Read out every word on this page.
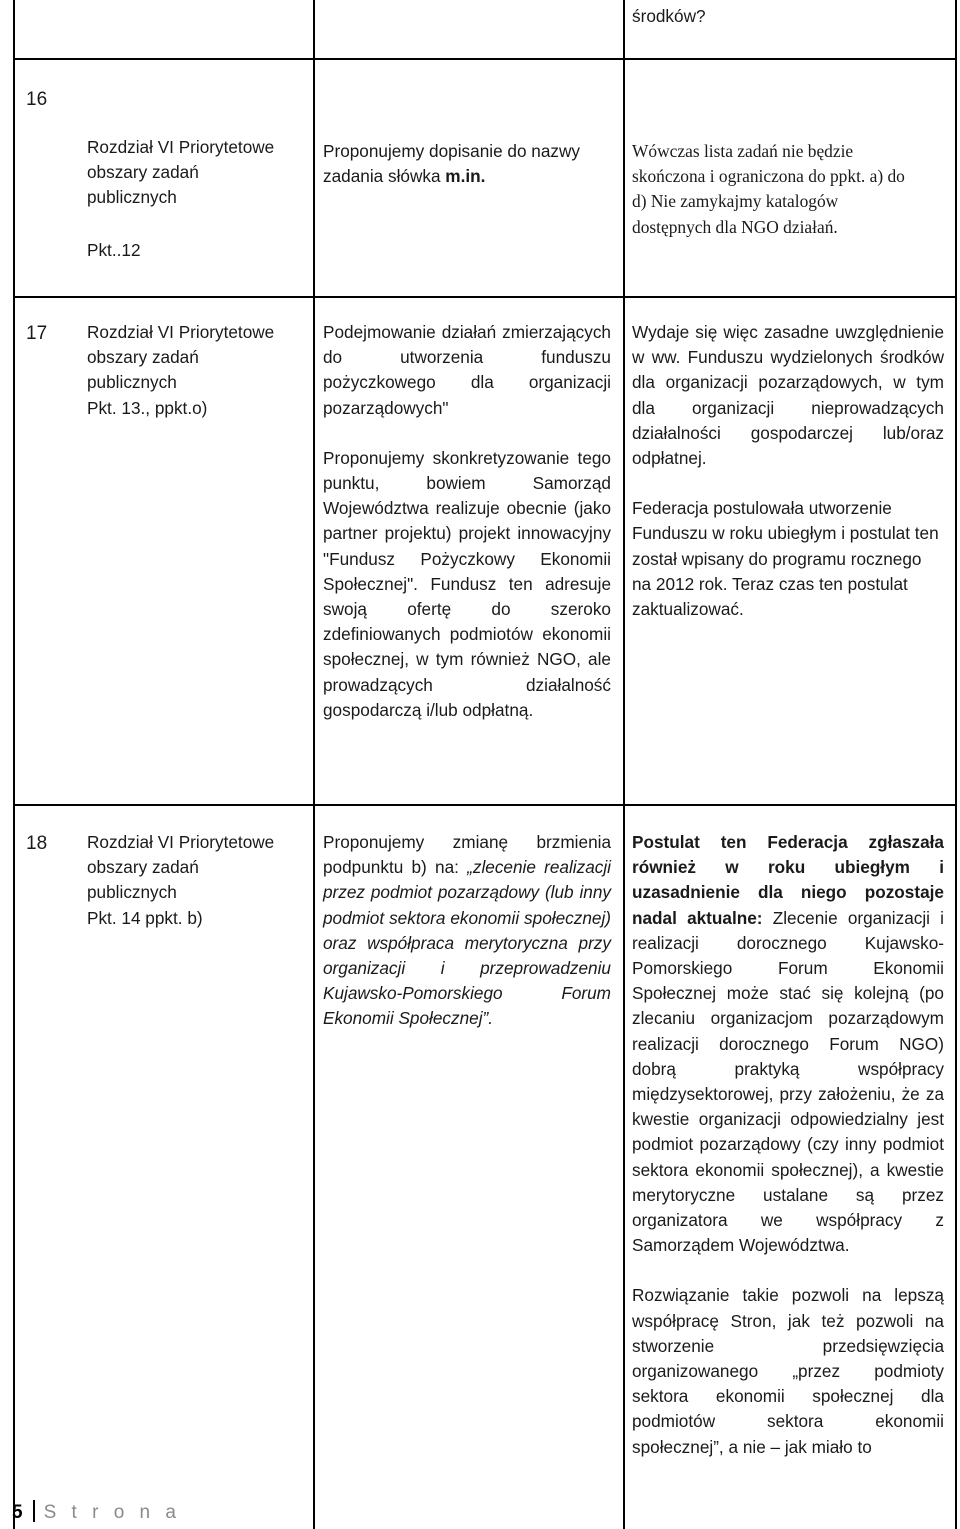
środków?

16

Rozdział VI Priorytetowe

obszary zadań

publicznych

Pkt..12

Proponujemy dopisanie do nazwy zadania słówka m.in.

Wówczas lista zadań nie będzie skończona i ograniczona do ppkt. a) do d) Nie zamykajmy katalogów dostępnych dla NGO działań.

17 Rozdział VI Priorytetowe

obszary zadań

publicznych

Pkt. 13., ppkt.o)

Podejmowanie działań zmierzających do utworzenia funduszu pożyczkowego dla organizacji pozarządowych"

Proponujemy skonkretyzowanie tego punktu, bowiem Samorząd Województwa realizuje obecnie (jako partner projektu) projekt innowacyjny "Fundusz Pożyczkowy Ekonomii Społecznej". Fundusz ten adresuje swoją ofertę do szeroko zdefiniowanych podmiotów ekonomii społecznej, w tym również NGO, ale prowadzących działalność gospodarczą i/lub odpłatną.

Wydaje się więc zasadne uwzględnienie w ww. Funduszu wydzielonych środków dla organizacji pozarządowych, w tym dla organizacji nieprowadzących działalności gospodarczej lub/oraz odpłatnej.

Federacja postulowała utworzenie Funduszu w roku ubiegłym i postulat ten został wpisany do programu rocznego na 2012 rok. Teraz czas ten postulat zaktualizować.

18 Rozdział VI Priorytetowe

obszary zadań

publicznych

Pkt. 14 ppkt. b)

Proponujemy zmianę brzmienia podpunktu b) na: „zlecenie realizacji przez podmiot pozarządowy (lub inny podmiot sektora ekonomii społecznej) oraz współpraca merytoryczna przy organizacji i przeprowadzeniu Kujawsko-Pomorskiego Forum Ekonomii Społecznej”.

Postulat ten Federacja zgłaszała również w roku ubiegłym i uzasadnienie dla niego pozostaje nadal aktualne: Zlecenie organizacji i realizacji dorocznego Kujawsko-Pomorskiego Forum Ekonomii Społecznej może stać się kolejną (po zlecaniu organizacjom pozarządowym realizacji dorocznego Forum NGO) dobrą praktyką współpracy międzysektorowej, przy założeniu, że za kwestie organizacji odpowiedzialny jest podmiot pozarządowy (czy inny podmiot sektora ekonomii społecznej), a kwestie merytoryczne ustalane są przez organizatora we współpracy z Samorządem Województwa.

Rozwiązanie takie pozwoli na lepszą współpracę Stron, jak też pozwoli na stworzenie przedsięwzięcia organizowanego „przez podmioty sektora ekonomii społecznej dla podmiotów sektora ekonomii społecznej”, a nie – jak miało to

5 S t r o n a
